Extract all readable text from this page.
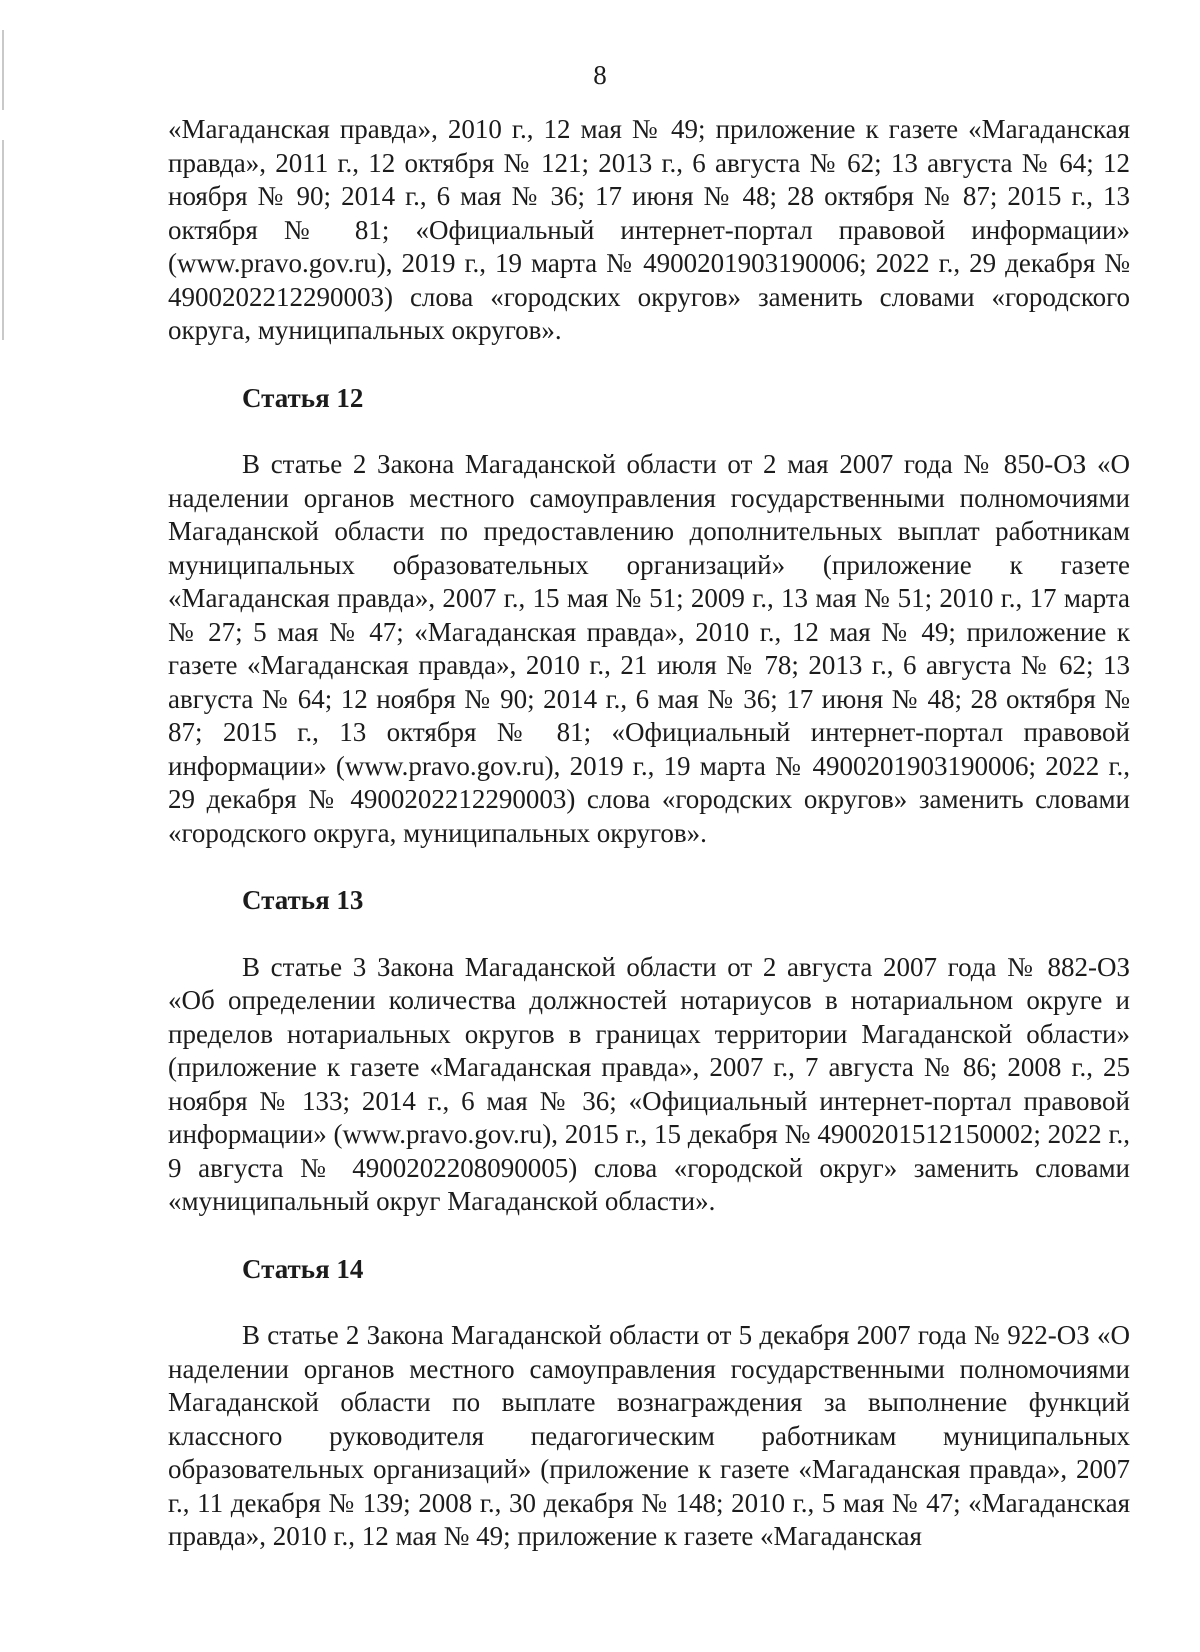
8

«Магаданская правда», 2010 г., 12 мая № 49; приложение к газете «Магаданская правда», 2011 г., 12 октября № 121; 2013 г., 6 августа № 62; 13 августа № 64; 12 ноября № 90; 2014 г., 6 мая № 36; 17 июня № 48; 28 октября № 87; 2015 г., 13 октября № 81; «Официальный интернет-портал правовой информации» (www.pravo.gov.ru), 2019 г., 19 марта № 4900201903190006; 2022 г., 29 декабря № 4900202212290003) слова «городских округов» заменить словами «городского округа, муниципальных округов».

Статья 12

В статье 2 Закона Магаданской области от 2 мая 2007 года № 850-ОЗ «О наделении органов местного самоуправления государственными полномочиями Магаданской области по предоставлению дополнительных выплат работникам муниципальных образовательных организаций» (приложение к газете «Магаданская правда», 2007 г., 15 мая № 51; 2009 г., 13 мая № 51; 2010 г., 17 марта № 27; 5 мая № 47; «Магаданская правда», 2010 г., 12 мая № 49; приложение к газете «Магаданская правда», 2010 г., 21 июля № 78; 2013 г., 6 августа № 62; 13 августа № 64; 12 ноября № 90; 2014 г., 6 мая № 36; 17 июня № 48; 28 октября № 87; 2015 г., 13 октября № 81; «Официальный интернет-портал правовой информации» (www.pravo.gov.ru), 2019 г., 19 марта № 4900201903190006; 2022 г., 29 декабря № 4900202212290003) слова «городских округов» заменить словами «городского округа, муниципальных округов».

Статья 13

В статье 3 Закона Магаданской области от 2 августа 2007 года № 882-ОЗ «Об определении количества должностей нотариусов в нотариальном округе и пределов нотариальных округов в границах территории Магаданской области» (приложение к газете «Магаданская правда», 2007 г., 7 августа № 86; 2008 г., 25 ноября № 133; 2014 г., 6 мая № 36; «Официальный интернет-портал правовой информации» (www.pravo.gov.ru), 2015 г., 15 декабря № 4900201512150002; 2022 г., 9 августа № 4900202208090005) слова «городской округ» заменить словами «муниципальный округ Магаданской области».

Статья 14

В статье 2 Закона Магаданской области от 5 декабря 2007 года № 922-ОЗ «О наделении органов местного самоуправления государственными полномочиями Магаданской области по выплате вознаграждения за выполнение функций классного руководителя педагогическим работникам муниципальных образовательных организаций» (приложение к газете «Магаданская правда», 2007 г., 11 декабря № 139; 2008 г., 30 декабря № 148; 2010 г., 5 мая № 47; «Магаданская правда», 2010 г., 12 мая № 49; приложение к газете «Магаданская
